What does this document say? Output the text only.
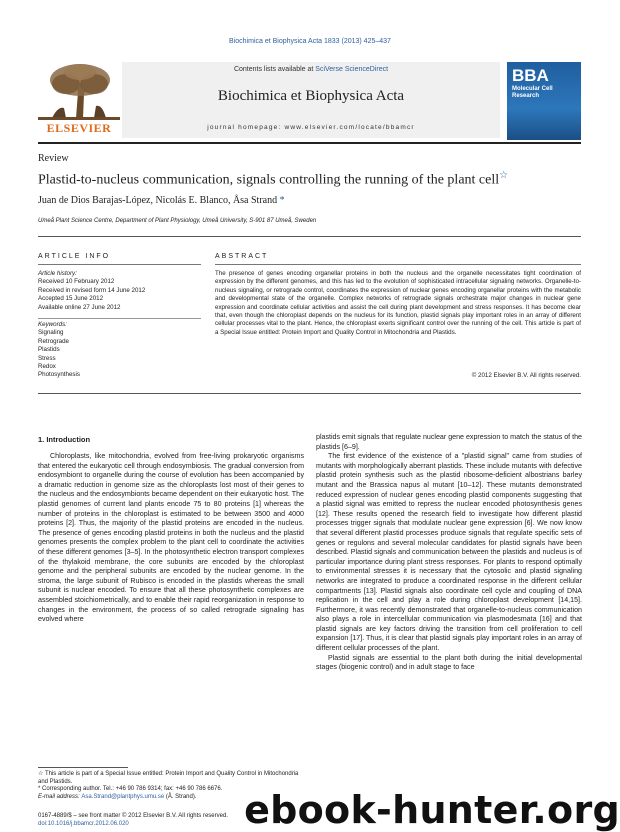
Biochimica et Biophysica Acta 1833 (2013) 425–437
ELSEVIER
Contents lists available at SciVerse ScienceDirect
Biochimica et Biophysica Acta
journal homepage: www.elsevier.com/locate/bbamcr
BBA
Molecular Cell Research
Review
Plastid-to-nucleus communication, signals controlling the running of the plant cell☆
Juan de Dios Barajas-López, Nicolás E. Blanco, Åsa Strand *
Umeå Plant Science Centre, Department of Plant Physiology, Umeå University, S-901 87 Umeå, Sweden
ARTICLE INFO	ABSTRACT
Article history:
Received 10 February 2012
Received in revised form 14 June 2012
Accepted 15 June 2012
Available online 27 June 2012
Keywords:
Signaling
Retrograde
Plastids
Stress
Redox
Photosynthesis
The presence of genes encoding organellar proteins in both the nucleus and the organelle necessitates tight coordination of expression by the different genomes, and this has led to the evolution of sophisticated intracellular signaling networks. Organelle-to-nucleus signaling, or retrograde control, coordinates the expression of nuclear genes encoding organellar proteins with the metabolic and developmental state of the organelle. Complex networks of retrograde signals orchestrate major changes in nuclear gene expression and coordinate cellular activities and assist the cell during plant development and stress responses. It has become clear that, even though the chloroplast depends on the nucleus for its function, plastid signals play important roles in an array of different cellular processes vital to the plant. Hence, the chloroplast exerts significant control over the running of the cell. This article is part of a Special Issue entitled: Protein Import and Quality Control in Mitochondria and Plastids.
© 2012 Elsevier B.V. All rights reserved.
1. Introduction

Chloroplasts, like mitochondria, evolved from free-living prokaryotic organisms that entered the eukaryotic cell through endosymbiosis. The gradual conversion from endosymbiont to organelle during the course of evolution has been accompanied by a dramatic reduction in genome size as the chloroplasts lost most of their genes to the nucleus and the endosymbionts became dependent on their eukaryotic host. The plastid genomes of current land plants encode 75 to 80 proteins [1] whereas the number of proteins in the chloroplast is estimated to be between 3500 and 4000 proteins [2]. Thus, the majority of the plastid proteins are encoded in the nucleus. The presence of genes encoding plastid proteins in both the nucleus and the plastid genomes presents the complex problem to the plant cell to coordinate the activities of these different genomes [3–5]. In the photosynthetic electron transport complexes of the thylakoid membrane, the core subunits are encoded by the chloroplast genome and the peripheral subunits are encoded by the nuclear genome. In the stroma, the large subunit of Rubisco is encoded in the plastids whereas the small subunit is nuclear encoded. To ensure that all these photosynthetic complexes are assembled stoichiometrically, and to enable their rapid reorganization in response to changes in the environment, the process of so called retrograde signaling has evolved where

plastids emit signals that regulate nuclear gene expression to match the status of the plastids [6–9].

The first evidence of the existence of a "plastid signal" came from studies of mutants with morphologically aberrant plastids. These include mutants with defective plastid protein synthesis such as the plastid ribosome-deficient albostrians barley mutant and the Brassica napus al mutant [10–12]. These mutants demonstrated reduced expression of nuclear genes encoding plastid components suggesting that a plastid signal was emitted to repress the nuclear encoded photosynthesis genes [12]. These results opened the research field to investigate how different plastid processes trigger signals that modulate nuclear gene expression [6]. We now know that several different plastid processes produce signals that regulate specific sets of genes or regulons and several molecular candidates for plastid signals have been described. Plastid signals and communication between the plastids and nucleus is of particular importance during plant stress responses. For plants to respond optimally to environmental stresses it is necessary that the cytosolic and plastid signaling networks are integrated to produce a coordinated response in the different cellular compartments [13]. Plastid signals also coordinate cell cycle and coupling of DNA replication in the cell and play a role during chloroplast development [14,15]. Furthermore, it was recently demonstrated that organelle-to-nucleus communication also plays a role in intercellular communication via plasmodesmata [16] and that plastid signals are key factors driving the transition from cell proliferation to cell expansion [17]. Thus, it is clear that plastid signals play important roles in an array of different cellular processes of the plant.

Plastid signals are essential to the plant both during the initial developmental stages (biogenic control) and in adult stage to face

☆ This article is part of a Special Issue entitled: Protein Import and Quality Control in Mitochondria and Plastids.
* Corresponding author. Tel.: +46 90 786 9314; fax: +46 90 786 6676.
E-mail address: Asa.Strand@plantphys.umu.se (Å. Strand).
0167-4889/$ – see front matter © 2012 Elsevier B.V. All rights reserved.
doi:10.1016/j.bbamcr.2012.06.020	ebook-hunter.org
